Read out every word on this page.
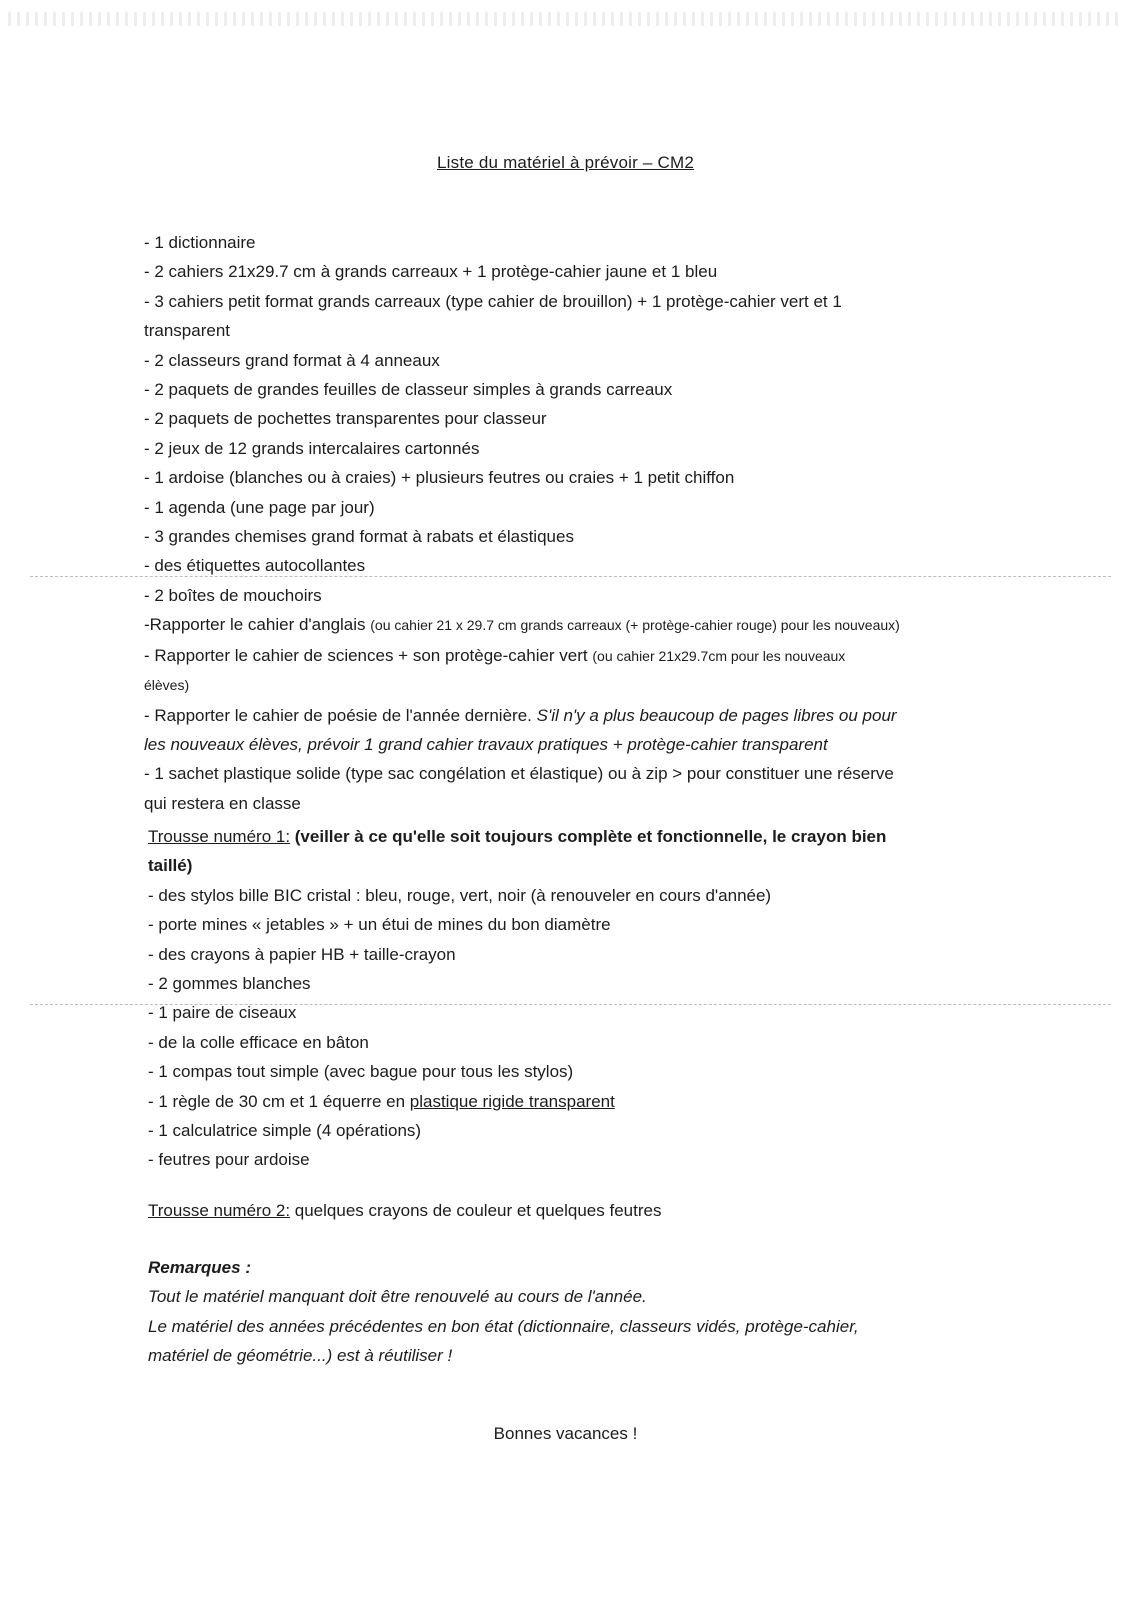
Liste du matériel à prévoir – CM2
- 1 dictionnaire
- 2 cahiers 21x29.7 cm à grands carreaux + 1 protège-cahier jaune et 1 bleu
- 3 cahiers petit format grands carreaux (type cahier de brouillon) + 1 protège-cahier vert et 1
transparent
- 2 classeurs grand format à 4 anneaux
- 2 paquets de grandes feuilles de classeur simples à grands carreaux
- 2 paquets de pochettes transparentes pour classeur
- 2 jeux de 12 grands intercalaires cartonnés
- 1 ardoise (blanches ou à craies) + plusieurs feutres ou craies + 1 petit chiffon
- 1 agenda (une page par jour)
- 3 grandes chemises grand format à rabats et élastiques
- des étiquettes autocollantes
- 2 boîtes de mouchoirs
-Rapporter le cahier d'anglais (ou cahier 21 x 29.7 cm grands carreaux (+ protège-cahier rouge) pour les nouveaux)
- Rapporter le cahier de sciences + son protège-cahier vert (ou cahier 21x29.7cm pour les nouveaux
élèves)
- Rapporter le cahier de poésie de l'année dernière. S'il n'y a plus beaucoup de pages libres ou pour
les nouveaux élèves, prévoir 1 grand cahier travaux pratiques + protège-cahier transparent
- 1 sachet plastique solide (type sac congélation et élastique) ou à zip > pour constituer une réserve
qui restera en classe
Trousse numéro 1: (veiller à ce qu'elle soit toujours complète et fonctionnelle, le crayon bien
taillé)
- des stylos bille BIC cristal : bleu, rouge, vert, noir (à renouveler en cours d'année)
- porte mines « jetables » + un étui de mines du bon diamètre
- des crayons à papier HB + taille-crayon
- 2 gommes blanches
- 1 paire de ciseaux
- de la colle efficace en bâton
- 1 compas tout simple (avec bague pour tous les stylos)
- 1 règle de 30 cm et 1 équerre en plastique rigide transparent
- 1 calculatrice simple (4 opérations)
- feutres pour ardoise
Trousse numéro 2: quelques crayons de couleur et quelques feutres
Remarques :
Tout le matériel manquant doit être renouvelé au cours de l'année.
Le matériel des années précédentes en bon état (dictionnaire, classeurs vidés, protège-cahier,
matériel de géométrie...) est à réutiliser !
Bonnes vacances !
